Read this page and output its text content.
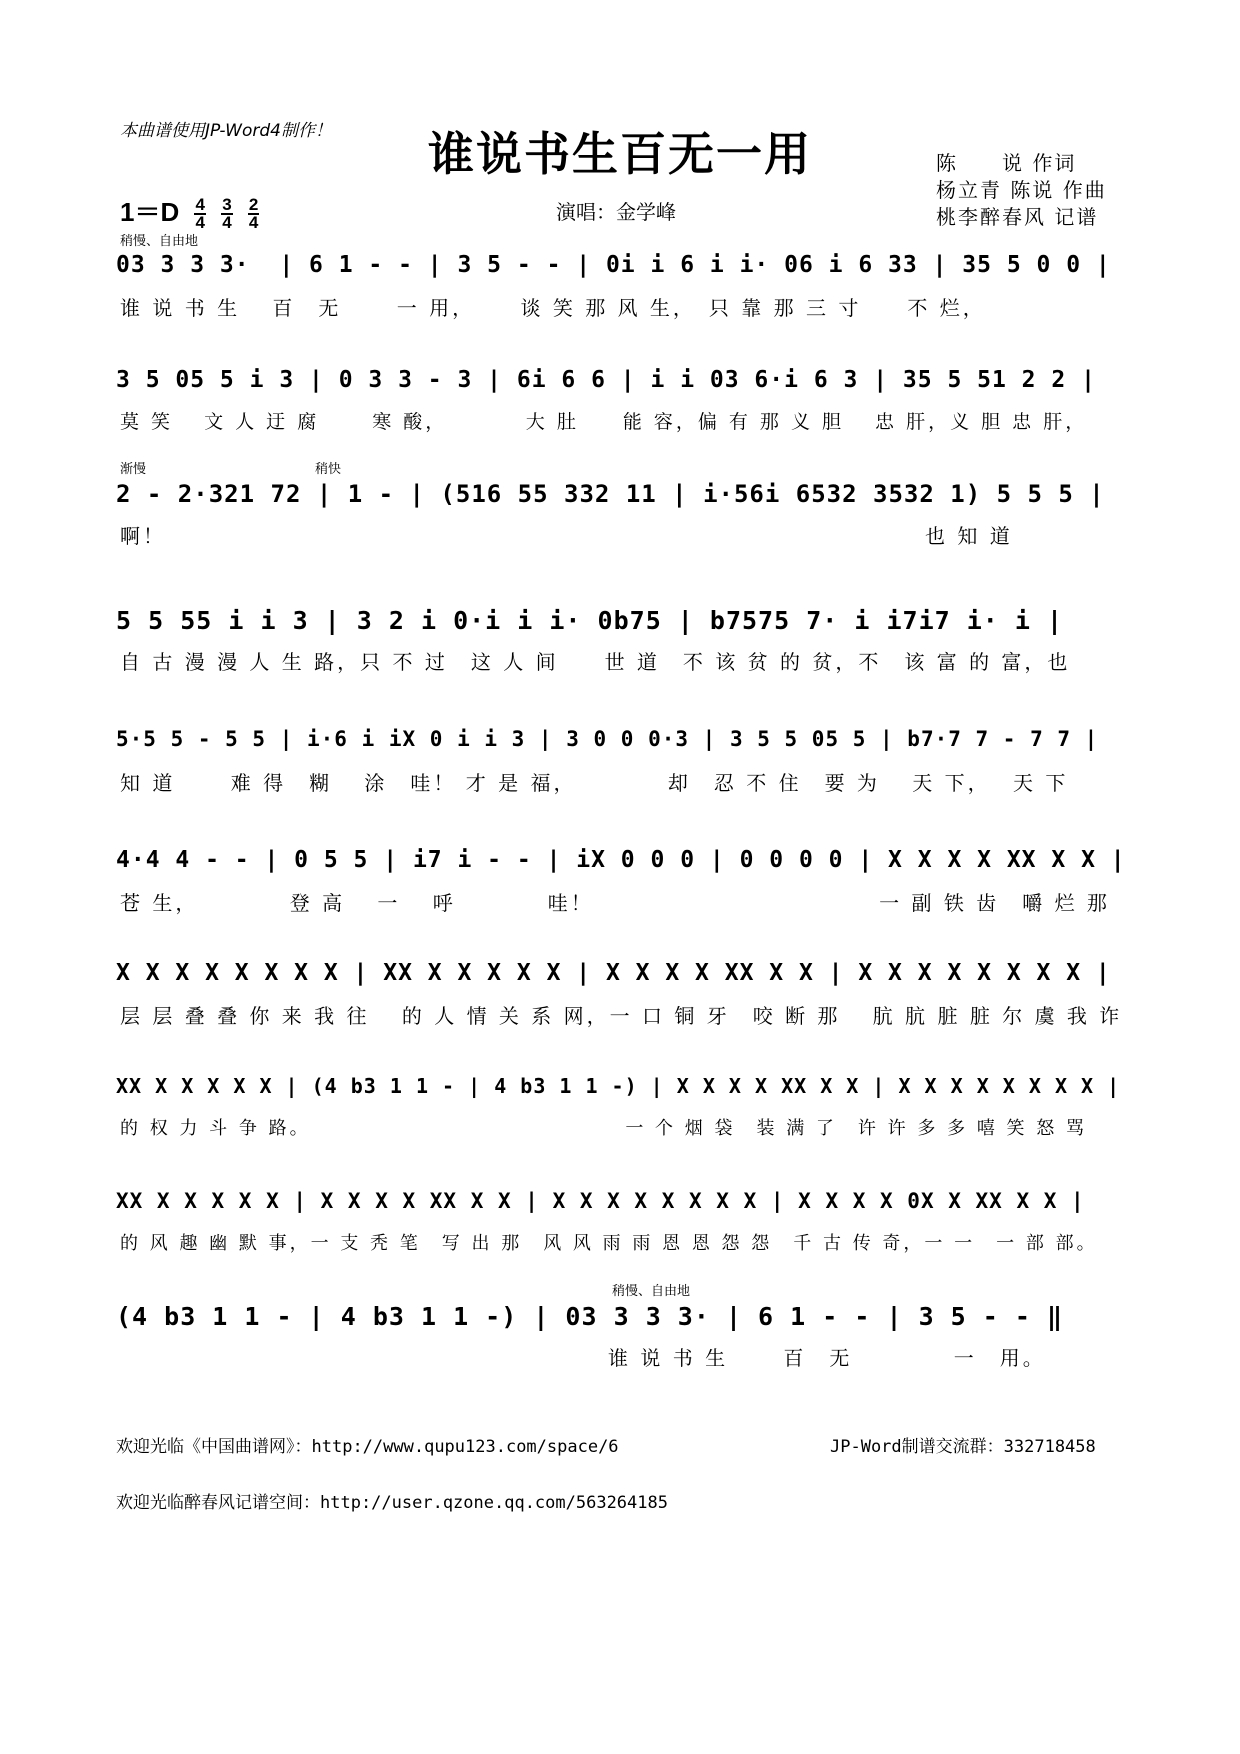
本曲谱使用JP-Word4制作！	谁说书生百无一用	陈　　说 作词
杨立青 陈说 作曲
桃李醉春风 记谱
$1=D \frac{4}{4}$
$\frac{3}{4}$
$\frac{2}{4}$	演唱：金学峰
稍慢、自由地
03 3 3 3·  | 6 1 - - | 3 5 - - | 0i i 6 i i· 06 i 6 33 | 35 5 0 0 |
谁 说 书 生　 百　无　　 一 用，　　 谈 笑 那 风 生，　只 靠 那 三 寸　　不 烂，
3 5 05 5 i 3 | 0 3 3 - 3 | 6i 6 6 | i i 03 6·i 6 3 | 35 5 51 2 2 |
莫 笑　 文 人 迂 腐　　 寒 酸，　　　　大 肚　　能 容，偏 有 那 义 胆　 忠 肝，义 胆 忠 肝，
渐慢　　　　　　　　　　　　　稍快
2 - 2·321 72 | 1 - | (516 55 332 11 | i·56i 6532 3532 1) 5 5 5 |
啊！　　　　　　　　　　　　　　　　　　　　　　　　　　　　　　　　　也 知 道
5 5 55 i i 3 | 3 2 i 0·i i i· 0b75 | b7575 7· i i7i7 i· i |
自 古 漫 漫 人 生 路，只 不 过　这 人 间　　世 道　不 该 贫 的 贫，不　该 富 的 富，也
5·5 5 - 5 5 | i·6 i iX 0 i i 3 | 3 0 0 0·3 | 3 5 5 05 5 | b7·7 7 - 7 7 |
知 道　　 难 得　糊　 涂　哇！ 才 是 福，　　　　 却　忍 不 住　要 为　 天 下，　 天 下
4·4 4 - - | 0 5 5 | i7 i - - | iX 0 0 0 | 0 0 0 0 | X X X X XX X X |
苍 生，　　　　 登 高　 一　 呼　　　　哇！　　　　　　　　　　　　 一 副 铁 齿　嚼 烂 那
X X X X X X X X | XX X X X X X | X X X X XX X X | X X X X X X X X |
层 层 叠 叠 你 来 我 往　 的 人 情 关 系 网，一 口 铜 牙　咬 断 那　 肮 肮 脏 脏 尔 虞 我 诈
XX X X X X X | (4 b3 1 1 - | 4 b3 1 1 -) | X X X X XX X X | X X X X X X X X |
的 权 力 斗 争 路。　　　　　　　　　　　　　　　 一 个 烟 袋　装 满 了　许 许 多 多 嘻 笑 怒 骂
XX X X X X X | X X X X XX X X | X X X X X X X X | X X X X 0X X XX X X |
的 风 趣 幽 默 事，一 支 秃 笔　写 出 那　风 风 雨 雨 恩 恩 怨 怨　千 古 传 奇，一 一　一 部 部。
稍慢、自由地
(4 b3 1 1 - | 4 b3 1 1 -) | 03 3 3 3· | 6 1 - - | 3 5 - - ‖
谁 说 书 生　　 百　无　　　　 一　用。
欢迎光临《中国曲谱网》：http://www.qupu123.com/space/6	JP-Word制谱交流群：332718458
欢迎光临醉春风记谱空间：http://user.qzone.qq.com/563264185
